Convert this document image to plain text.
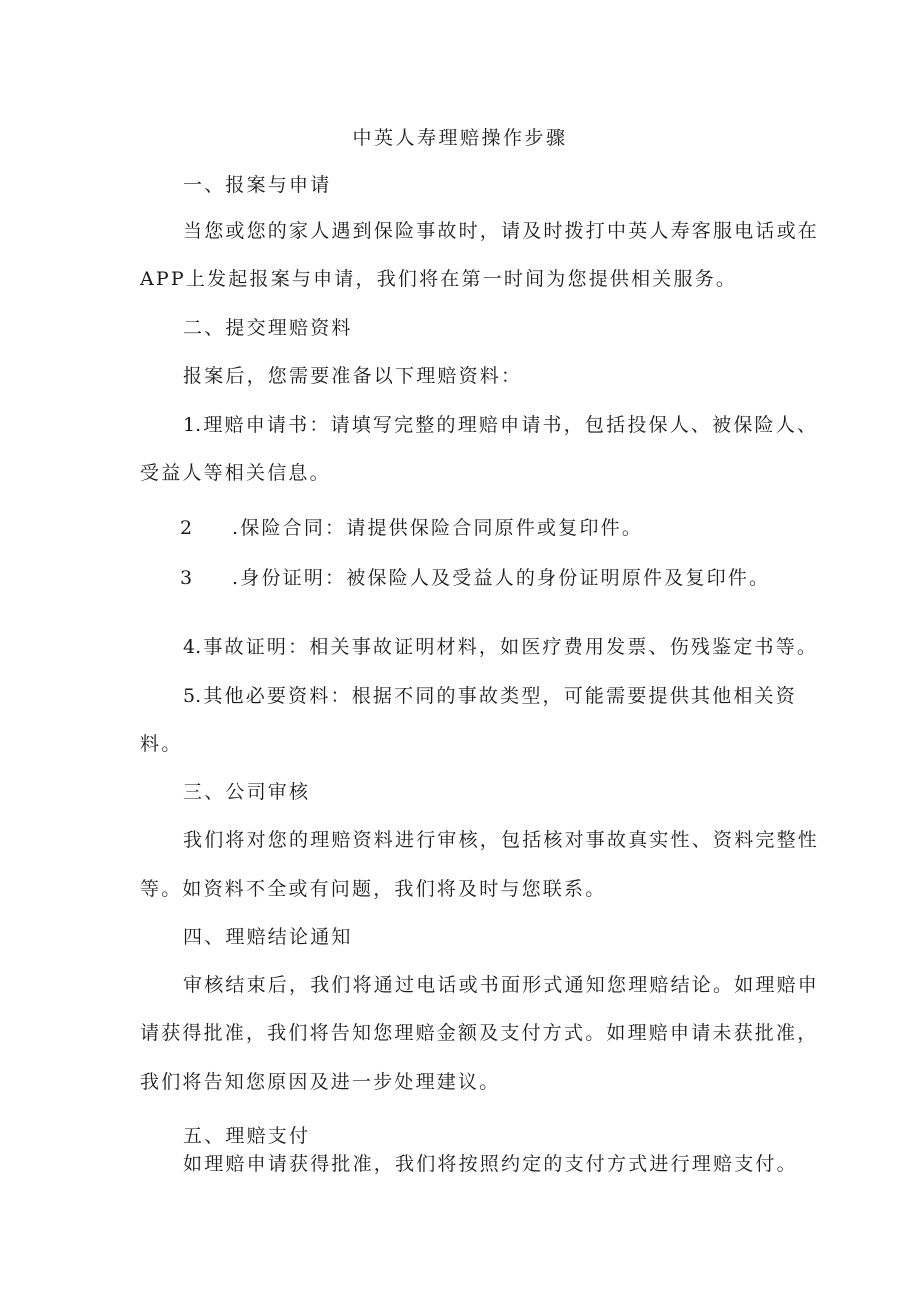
中英人寿理赔操作步骤
一、报案与申请
当您或您的家人遇到保险事故时，请及时拨打中英人寿客服电话或在
APP上发起报案与申请，我们将在第一时间为您提供相关服务。
二、提交理赔资料
报案后，您需要准备以下理赔资料：
1.理赔申请书：请填写完整的理赔申请书，包括投保人、被保险人、
受益人等相关信息。
2 .保险合同：请提供保险合同原件或复印件。
3 .身份证明：被保险人及受益人的身份证明原件及复印件。
4.事故证明：相关事故证明材料，如医疗费用发票、伤残鉴定书等。
5.其他必要资料：根据不同的事故类型，可能需要提供其他相关资
料。
三、公司审核
我们将对您的理赔资料进行审核，包括核对事故真实性、资料完整性
等。如资料不全或有问题，我们将及时与您联系。
四、理赔结论通知
审核结束后，我们将通过电话或书面形式通知您理赔结论。如理赔申
请获得批准，我们将告知您理赔金额及支付方式。如理赔申请未获批准，
我们将告知您原因及进一步处理建议。
五、理赔支付
如理赔申请获得批准，我们将按照约定的支付方式进行理赔支付。
